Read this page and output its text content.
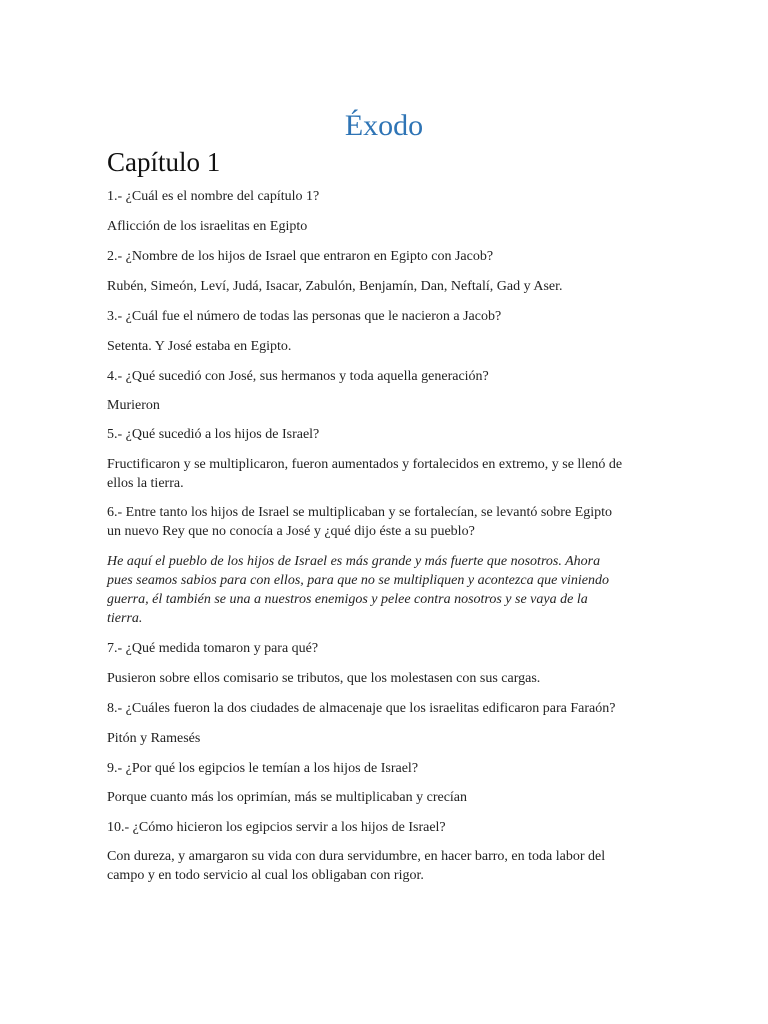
Éxodo
Capítulo 1

1.- ¿Cuál es el nombre del capítulo 1?

Aflicción de los israelitas en Egipto

2.- ¿Nombre de los hijos de Israel que entraron en Egipto con Jacob?

Rubén, Simeón, Leví, Judá, Isacar, Zabulón, Benjamín, Dan, Neftalí, Gad y Aser.

3.- ¿Cuál fue el número de todas las personas que le nacieron a Jacob?

Setenta. Y José estaba en Egipto.

4.- ¿Qué sucedió con José, sus hermanos y toda aquella generación?

Murieron

5.- ¿Qué sucedió a los hijos de Israel?

Fructificaron y se multiplicaron, fueron aumentados y fortalecidos en extremo, y se llenó de
ellos la tierra.

6.- Entre tanto los hijos de Israel se multiplicaban y se fortalecían, se levantó sobre Egipto
un nuevo Rey que no conocía a José y ¿qué dijo éste a su pueblo?

He aquí el pueblo de los hijos de Israel es más grande y más fuerte que nosotros. Ahora
pues seamos sabios para con ellos, para que no se multipliquen y acontezca que viniendo
guerra, él también se una a nuestros enemigos y pelee contra nosotros y se vaya de la
tierra.

7.- ¿Qué medida tomaron y para qué?

Pusieron sobre ellos comisario se tributos, que los molestasen con sus cargas.

8.- ¿Cuáles fueron la dos ciudades de almacenaje que los israelitas edificaron para Faraón?

Pitón y Ramesés

9.- ¿Por qué los egipcios le temían a los hijos de Israel?

Porque cuanto más los oprimían, más se multiplicaban y crecían

10.- ¿Cómo hicieron los egipcios servir a los hijos de Israel?

Con dureza, y amargaron su vida con dura servidumbre, en hacer barro, en toda labor del
campo y en todo servicio al cual los obligaban con rigor.
